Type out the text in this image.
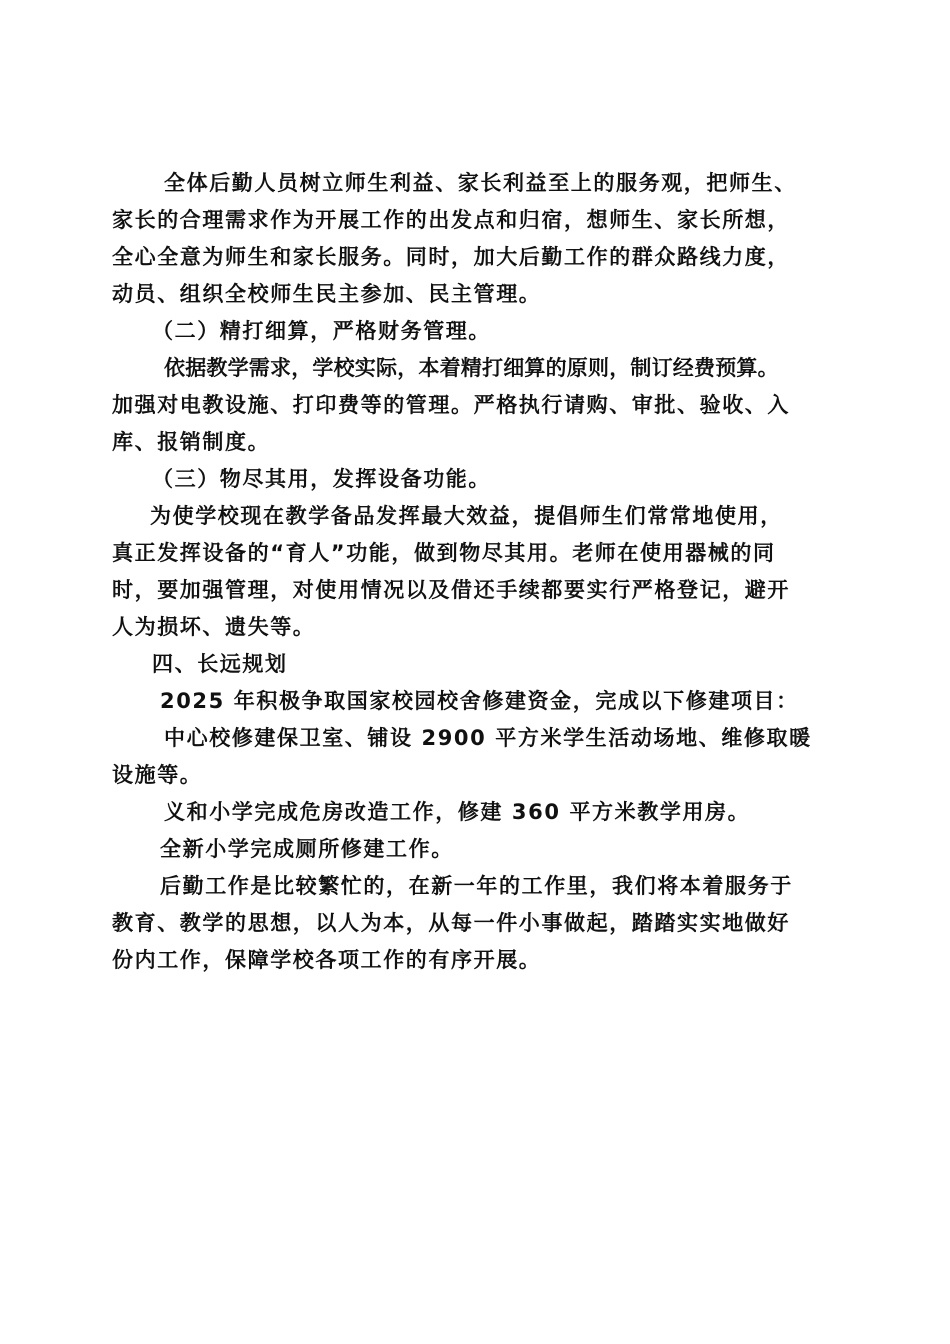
全体后勤人员树立师生利益、家长利益至上的服务观，把师生、
家长的合理需求作为开展工作的出发点和归宿，想师生、家长所想，
全心全意为师生和家长服务。同时，加大后勤工作的群众路线力度，
动员、组织全校师生民主参加、民主管理。
（二）精打细算，严格财务管理。
依据教学需求，学校实际，本着精打细算的原则，制订经费预算。
加强对电教设施、打印费等的管理。严格执行请购、审批、验收、入
库、报销制度。
（三）物尽其用，发挥设备功能。
为使学校现在教学备品发挥最大效益，提倡师生们常常地使用，
真正发挥设备的“育人”功能，做到物尽其用。老师在使用器械的同
时，要加强管理，对使用情况以及借还手续都要实行严格登记，避开
人为损坏、遗失等。
四、长远规划
2025 年积极争取国家校园校舍修建资金，完成以下修建项目：
中心校修建保卫室、铺设 2900 平方米学生活动场地、维修取暖
设施等。
义和小学完成危房改造工作，修建 360 平方米教学用房。
全新小学完成厕所修建工作。
后勤工作是比较繁忙的，在新一年的工作里，我们将本着服务于
教育、教学的思想，以人为本，从每一件小事做起，踏踏实实地做好
份内工作，保障学校各项工作的有序开展。
